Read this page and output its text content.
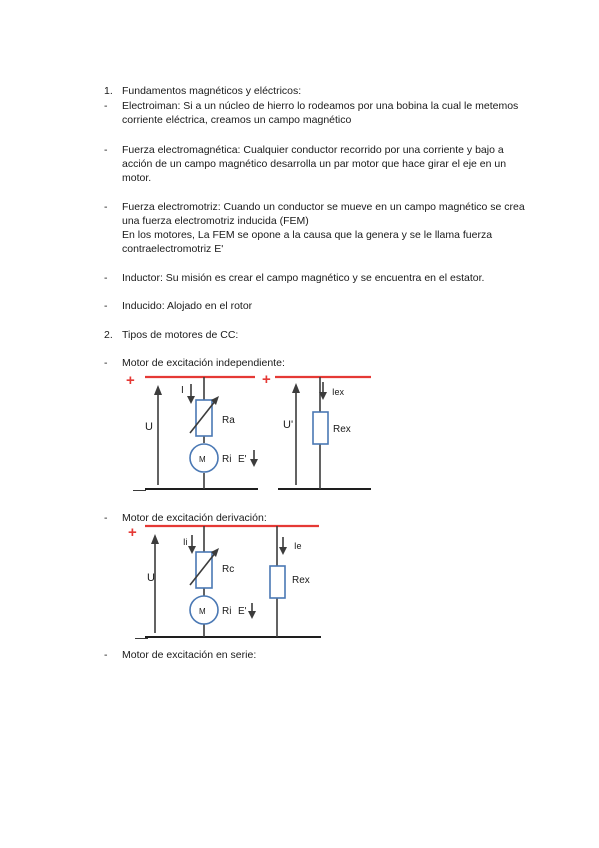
1. Fundamentos magnéticos y eléctricos:
- Electroiman: Si a un núcleo de hierro lo rodeamos por una bobina la cual le metemos
corriente eléctrica, creamos un campo magnético
- Fuerza electromagnética: Cualquier conductor recorrido por una corriente y bajo a
acción de un campo magnético desarrolla un par motor que hace girar el eje en un
motor.
- Fuerza electromotriz: Cuando un conductor se mueve en un campo magnético se crea
una fuerza electromotriz inducida (FEM)
En los motores, La FEM se opone a la causa que la genera y se le llama fuerza
contraelectromotriz E'
- Inductor: Su misión es crear el campo magnético y se encuentra en el estator.
- Inducido: Alojado en el rotor
2. Tipos de motores de CC:
- Motor de excitación independiente:
+
—
U
I
Ra
M Ri E'
+
U'
Iex
Rex
- Motor de excitación derivación:
+
—
U
Ii
Rc
M Ri E'
Ie
Rex
- Motor de excitación en serie:
